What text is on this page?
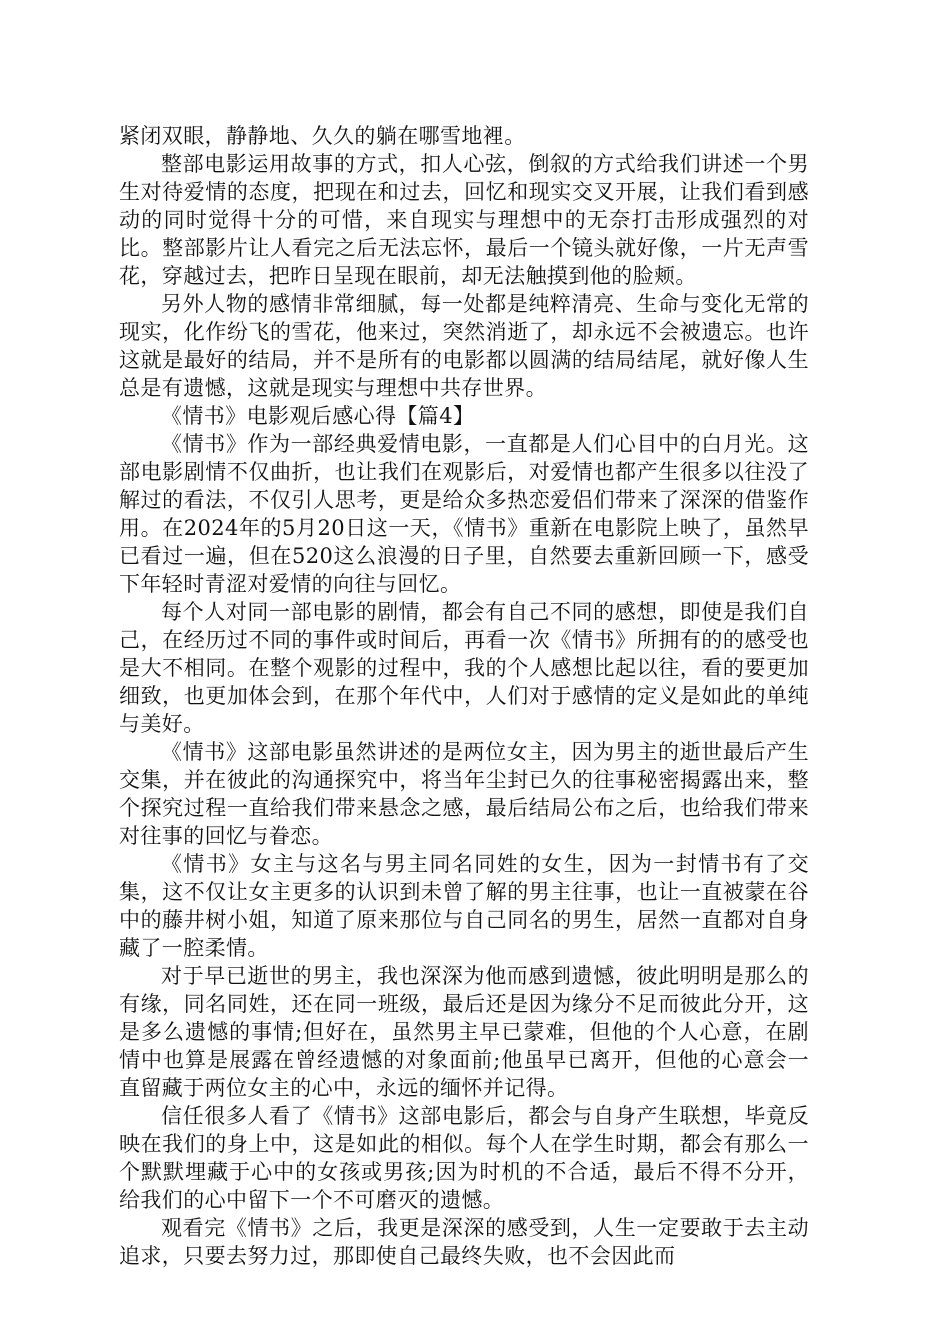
紧闭双眼，静静地、久久的躺在哪雪地裡。

整部电影运用故事的方式，扣人心弦，倒叙的方式给我们讲述一个男生对待爱情的态度，把现在和过去，回忆和现实交叉开展，让我们看到感动的同时觉得十分的可惜，来自现实与理想中的无奈打击形成强烈的对比。整部影片让人看完之后无法忘怀，最后一个镜头就好像，一片无声雪花，穿越过去，把昨日呈现在眼前，却无法触摸到他的脸颊。

另外人物的感情非常细腻，每一处都是纯粹清亮、生命与变化无常的现实，化作纷飞的雪花，他来过，突然消逝了，却永远不会被遗忘。也许这就是最好的结局，并不是所有的电影都以圆满的结局结尾，就好像人生总是有遗憾，这就是现实与理想中共存世界。

《情书》电影观后感心得【篇4】

《情书》作为一部经典爱情电影，一直都是人们心目中的白月光。这部电影剧情不仅曲折，也让我们在观影后，对爱情也都产生很多以往没了解过的看法，不仅引人思考，更是给众多热恋爱侣们带来了深深的借鉴作用。在2024年的5月20日这一天，《情书》重新在电影院上映了，虽然早已看过一遍，但在520这么浪漫的日子里，自然要去重新回顾一下，感受下年轻时青涩对爱情的向往与回忆。

每个人对同一部电影的剧情，都会有自己不同的感想，即使是我们自己，在经历过不同的事件或时间后，再看一次《情书》所拥有的的感受也是大不相同。在整个观影的过程中，我的个人感想比起以往，看的要更加细致，也更加体会到，在那个年代中，人们对于感情的定义是如此的单纯与美好。

《情书》这部电影虽然讲述的是两位女主，因为男主的逝世最后产生交集，并在彼此的沟通探究中，将当年尘封已久的往事秘密揭露出来，整个探究过程一直给我们带来悬念之感，最后结局公布之后，也给我们带来对往事的回忆与眷恋。

《情书》女主与这名与男主同名同姓的女生，因为一封情书有了交集，这不仅让女主更多的认识到未曾了解的男主往事，也让一直被蒙在谷中的藤井树小姐，知道了原来那位与自己同名的男生，居然一直都对自身藏了一腔柔情。

对于早已逝世的男主，我也深深为他而感到遗憾，彼此明明是那么的有缘，同名同姓，还在同一班级，最后还是因为缘分不足而彼此分开，这是多么遗憾的事情;但好在，虽然男主早已蒙难，但他的个人心意，在剧情中也算是展露在曾经遗憾的对象面前;他虽早已离开，但他的心意会一直留藏于两位女主的心中，永远的缅怀并记得。

信任很多人看了《情书》这部电影后，都会与自身产生联想，毕竟反映在我们的身上中，这是如此的相似。每个人在学生时期，都会有那么一个默默埋藏于心中的女孩或男孩;因为时机的不合适，最后不得不分开，给我们的心中留下一个不可磨灭的遗憾。

观看完《情书》之后，我更是深深的感受到，人生一定要敢于去主动追求，只要去努力过，那即使自己最终失败，也不会因此而
